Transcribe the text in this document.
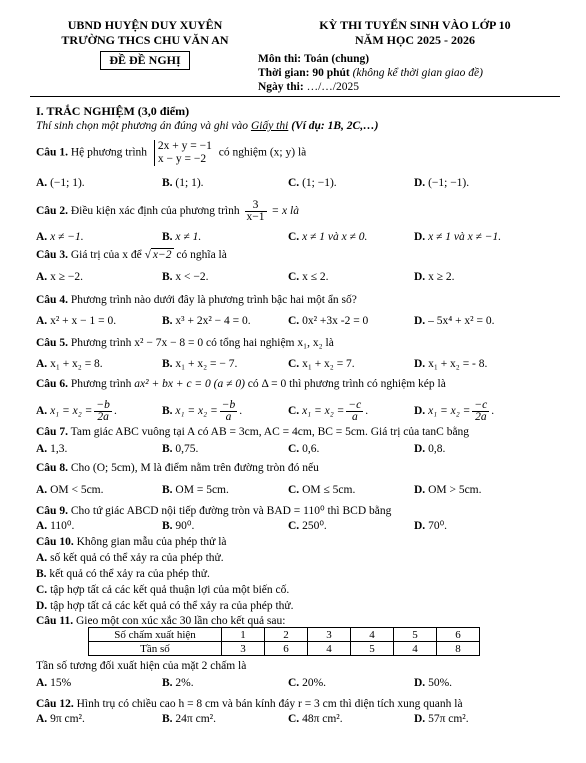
UBND HUYỆN DUY XUYÊN
TRƯỜNG THCS CHU VĂN AN
ĐỀ ĐỀ NGHỊ
KỲ THI TUYỂN SINH VÀO LỚP 10
NĂM HỌC 2025 - 2026
Môn thi: Toán (chung)
Thời gian: 90 phút (không kể thời gian giao đề)
Ngày thi: …/…/2025
I. TRẮC NGHIỆM (3,0 điểm)
Thí sinh chọn một phương án đúng và ghi vào Giấy thi (Ví dụ: 1B, 2C,…)
Câu 1. Hệ phương trình
2x + y = −1
x − y = −2
có nghiệm (x; y) là
A. (−1; 1).	B. (1; 1).	C. (1; −1).	D. (−1; −1).
Câu 2. Điều kiện xác định của phương trình $\frac{3}{x-1} = x$ là
A. x ≠ −1.	B. x ≠ 1.	C. x ≠ 1 và x ≠ 0.	D. x ≠ 1 và x ≠ −1.
Câu 3. Giá trị của x để √ x−2 có nghĩa là
A. x ≥ −2.	B. x < −2.	C. x ≤ 2.	D. x ≥ 2.
Câu 4. Phương trình nào dưới đây là phương trình bậc hai một ẩn số?
A. x² + x − 1 = 0.	B. x³ + 2x² − 4 = 0.	C. 0x² +3x -2 = 0	D. – 5x⁴ + x² = 0.
Câu 5. Phương trình x² − 7x − 8 = 0 có tổng hai nghiệm x₁, x₂ là
A. x₁ + x₂ = 8.	B. x₁ + x₂ = − 7.	C. x₁ + x₂ = 7.	D. x₁ + x₂ = - 8.
Câu 6. Phương trình ax² + bx + c = 0 (a ≠ 0) có Δ = 0 thì phương trình có nghiệm kép là
A. $x_1 = x_2 = \frac{-b}{2a}$ .	B. $x_1 = x_2 = \frac{-b}{a}$ .	C. $x_1 = x_2 = \frac{-c}{a}$ .	D. $x_1 = x_2 = \frac{-c}{2a}$ .
Câu 7. Tam giác ABC vuông tại A có AB = 3cm, AC = 4cm, BC = 5cm. Giá trị của tanC bằng
A. 1,3.	B. 0,75.	C. 0,6.	D. 0,8.
Câu 8. Cho (O; 5cm), M là điểm nằm trên đường tròn đó nếu
A. OM < 5cm.	B. OM = 5cm.	C. OM ≤ 5cm.	D. OM > 5cm.
Câu 9. Cho tứ giác ABCD nội tiếp đường tròn và BAD = 110⁰ thì BCD bằng
A. 110⁰.	B. 90⁰.	C. 250⁰.	D. 70⁰.
Câu 10. Không gian mẫu của phép thử là
A. số kết quả có thể xảy ra của phép thử.
B. kết quả có thể xảy ra của phép thử.
C. tập hợp tất cả các kết quả thuận lợi của một biến cố.
D. tập hợp tất cả các kết quả có thể xảy ra của phép thử.
Câu 11. Gieo một con xúc xắc 30 lần cho kết quả sau:
Số chấm xuất hiện	1	2	3	4	5	6
Tần số	3	6	4	5	4	8
Tần số tương đối xuất hiện của mặt 2 chấm là
A. 15%	B. 2%.	C. 20%.	D. 50%.
Câu 12. Hình trụ có chiều cao h = 8 cm và bán kính đáy r = 3 cm thì diện tích xung quanh là
A. 9π cm².	B. 24π cm².	C. 48π cm².	D. 57π cm².
